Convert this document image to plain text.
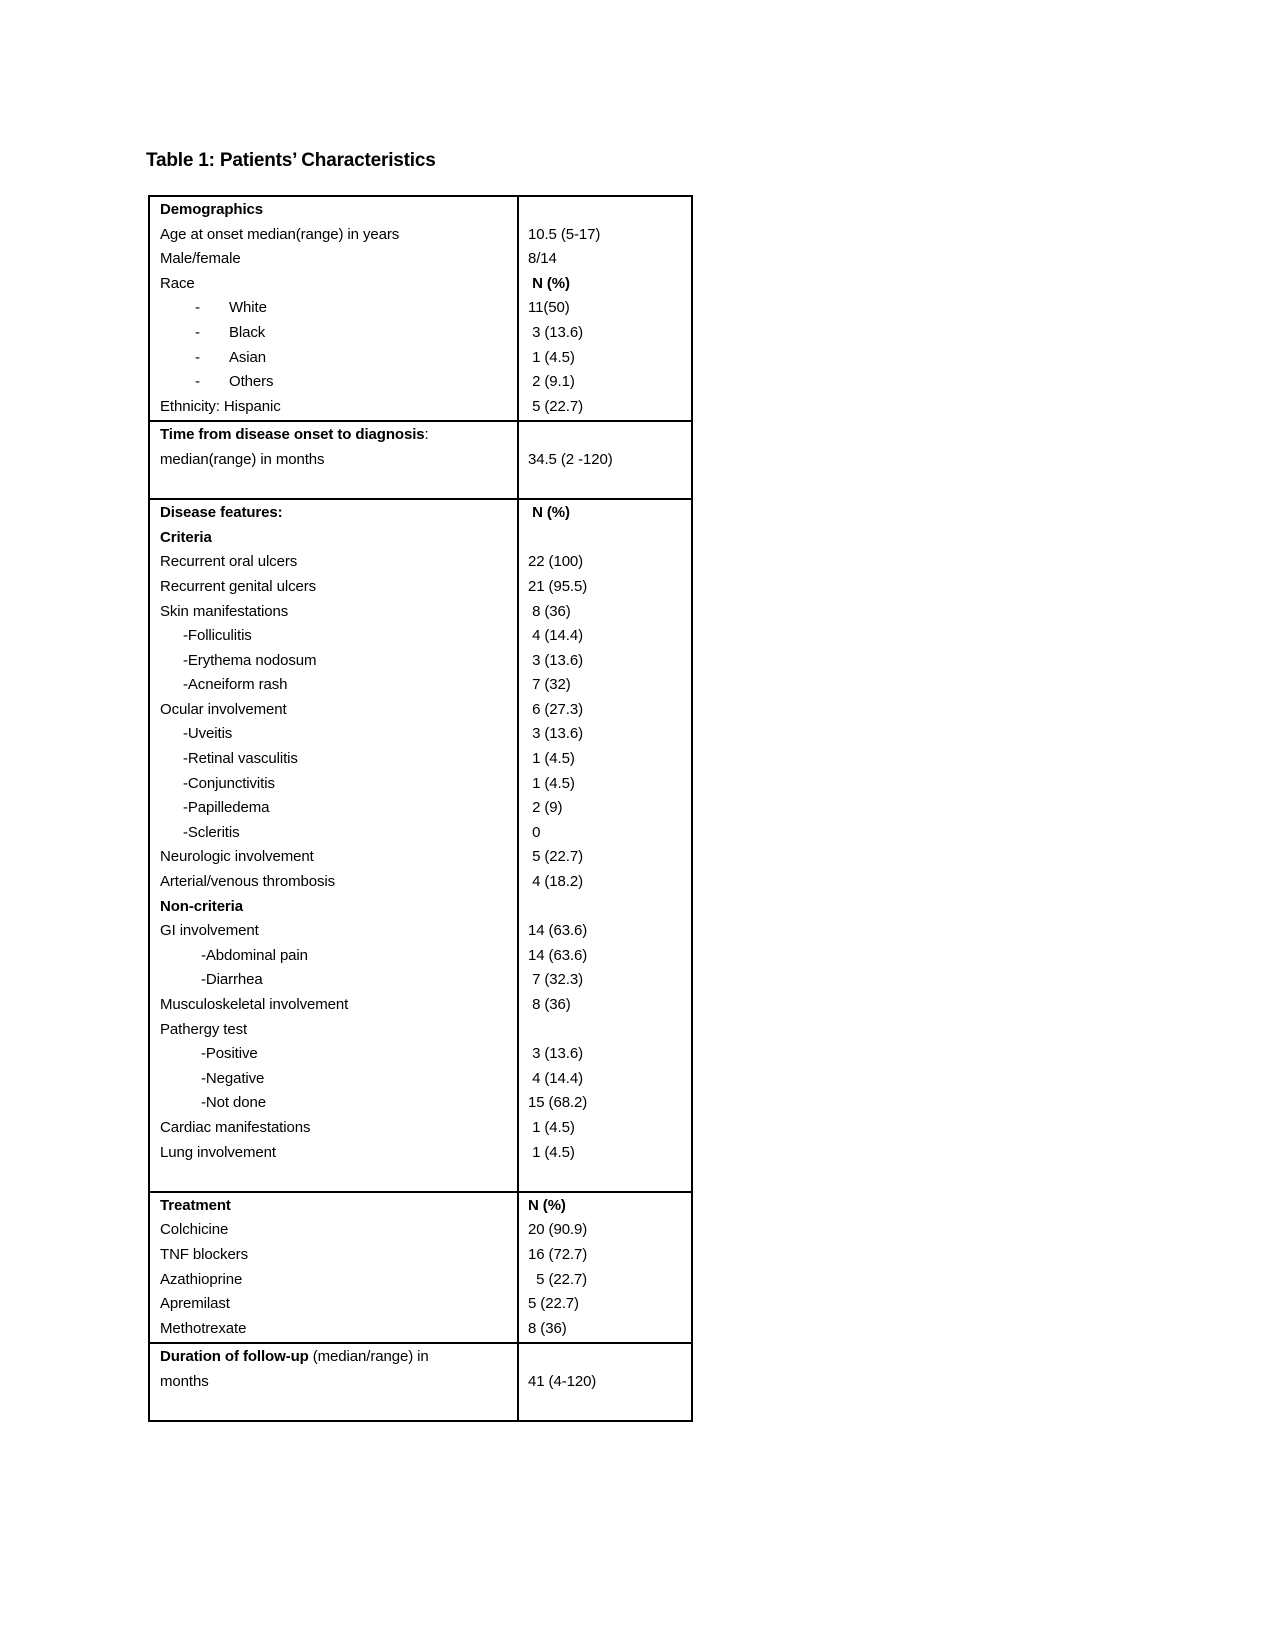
Table 1: Patients’ Characteristics
Demographics
Age at onset median(range) in years	10.5 (5-17)
Male/female	8/14
Race	N (%)
- White	11(50)
- Black	3 (13.6)
- Asian	1 (4.5)
- Others	2 (9.1)
Ethnicity: Hispanic	5 (22.7)
Time from disease onset to diagnosis:
median(range) in months	34.5 (2 -120)
Disease features:	N (%)
Criteria
Recurrent oral ulcers	22 (100)
Recurrent genital ulcers	21 (95.5)
Skin manifestations	8 (36)
-Folliculitis	4 (14.4)
-Erythema nodosum	3 (13.6)
-Acneiform rash	7 (32)
Ocular involvement	6 (27.3)
-Uveitis	3 (13.6)
-Retinal vasculitis	1 (4.5)
-Conjunctivitis	1 (4.5)
-Papilledema	2 (9)
-Scleritis	0
Neurologic involvement	5 (22.7)
Arterial/venous thrombosis	4 (18.2)
Non-criteria
GI involvement	14 (63.6)
-Abdominal pain	14 (63.6)
-Diarrhea	7 (32.3)
Musculoskeletal involvement	8 (36)
Pathergy test
-Positive	3 (13.6)
-Negative	4 (14.4)
-Not done	15 (68.2)
Cardiac manifestations	1 (4.5)
Lung involvement	1 (4.5)
Treatment	N (%)
Colchicine	20 (90.9)
TNF blockers	16 (72.7)
Azathioprine	5 (22.7)
Apremilast	5 (22.7)
Methotrexate	8 (36)
Duration of follow-up (median/range) in
months	41 (4-120)
